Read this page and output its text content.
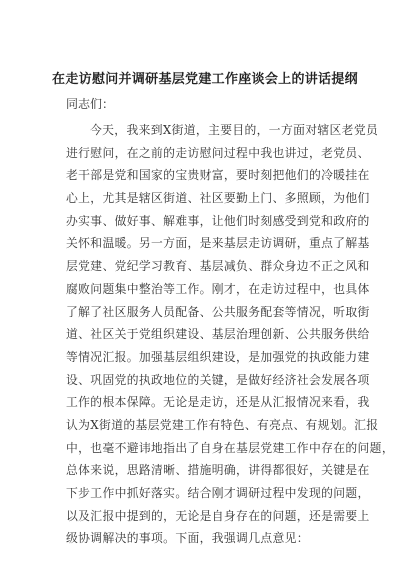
在走访慰问并调研基层党建工作座谈会上的讲话提纲
同志们：
今天，我来到X街道，主要目的，一方面对辖区老党员
进行慰问，在之前的走访慰问过程中我也讲过，老党员、
老干部是党和国家的宝贵财富，要时刻把他们的冷暖挂在
心上，尤其是辖区街道、社区要勤上门、多照顾，为他们
办实事、做好事、解难事，让他们时刻感受到党和政府的
关怀和温暖。另一方面，是来基层走访调研，重点了解基
层党建、党纪学习教育、基层减负、群众身边不正之风和
腐败问题集中整治等工作。刚才，在走访过程中，也具体
了解了社区服务人员配备、公共服务配套等情况，听取街
道、社区关于党组织建设、基层治理创新、公共服务供给
等情况汇报。加强基层组织建设，是加强党的执政能力建
设、巩固党的执政地位的关键，是做好经济社会发展各项
工作的根本保障。无论是走访，还是从汇报情况来看，我
认为X街道的基层党建工作有特色、有亮点、有规划。汇报
中，也毫不避讳地指出了自身在基层党建工作中存在的问题，
总体来说，思路清晰、措施明确，讲得都很好，关键是在
下步工作中抓好落实。结合刚才调研过程中发现的问题，
以及汇报中提到的，无论是自身存在的问题，还是需要上
级协调解决的事项。下面，我强调几点意见：
